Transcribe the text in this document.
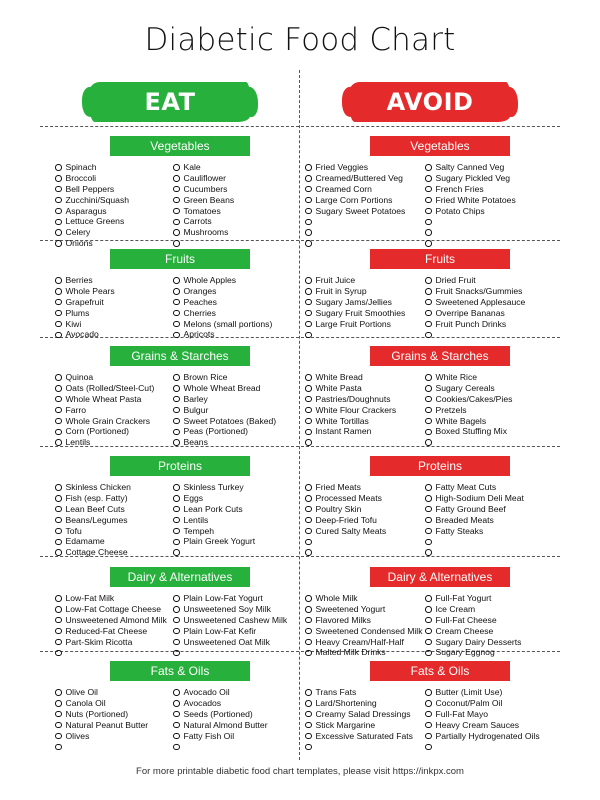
Diabetic Food Chart
EAT	AVOID
Vegetables
Spinach
Broccoli
Bell Peppers
Zucchini/Squash
Asparagus
Lettuce Greens
Celery
Onions
Kale
Cauliflower
Cucumbers
Green Beans
Tomatoes
Carrots
Mushrooms
Vegetables
Fried Veggies
Creamed/Buttered Veg
Creamed Corn
Large Corn Portions
Sugary Sweet Potatoes
Salty Canned Veg
Sugary Pickled Veg
French Fries
Fried White Potatoes
Potato Chips
Fruits
Berries
Whole Pears
Grapefruit
Plums
Kiwi
Avocado
Whole Apples
Oranges
Peaches
Cherries
Melons (small portions)
Apricots
Fruits
Fruit Juice
Fruit in Syrup
Sugary Jams/Jellies
Sugary Fruit Smoothies
Large Fruit Portions
Dried Fruit
Fruit Snacks/Gummies
Sweetened Applesauce
Overripe Bananas
Fruit Punch Drinks
Grains & Starches
Quinoa
Oats (Rolled/Steel-Cut)
Whole Wheat Pasta
Farro
Whole Grain Crackers
Corn (Portioned)
Lentils
Brown Rice
Whole Wheat Bread
Barley
Bulgur
Sweet Potatoes (Baked)
Peas (Portioned)
Beans
Grains & Starches
White Bread
White Pasta
Pastries/Doughnuts
White Flour Crackers
White Tortillas
Instant Ramen
White Rice
Sugary Cereals
Cookies/Cakes/Pies
Pretzels
White Bagels
Boxed Stuffing Mix
Proteins
Skinless Chicken
Fish (esp. Fatty)
Lean Beef Cuts
Beans/Legumes
Tofu
Edamame
Cottage Cheese
Skinless Turkey
Eggs
Lean Pork Cuts
Lentils
Tempeh
Plain Greek Yogurt
Proteins
Fried Meats
Processed Meats
Poultry Skin
Deep-Fried Tofu
Cured Salty Meats
Fatty Meat Cuts
High-Sodium Deli Meat
Fatty Ground Beef
Breaded Meats
Fatty Steaks
Dairy & Alternatives
Low-Fat Milk
Low-Fat Cottage Cheese
Unsweetened Almond Milk
Reduced-Fat Cheese
Part-Skim Ricotta
Plain Low-Fat Yogurt
Unsweetened Soy Milk
Unsweetened Cashew Milk
Plain Low-Fat Kefir
Unsweetened Oat Milk
Dairy & Alternatives
Whole Milk
Sweetened Yogurt
Flavored Milks
Sweetened Condensed Milk
Heavy Cream/Half-Half
Malted Milk Drinks
Full-Fat Yogurt
Ice Cream
Full-Fat Cheese
Cream Cheese
Sugary Dairy Desserts
Sugary Eggnog
Fats & Oils
Olive Oil
Canola Oil
Nuts (Portioned)
Natural Peanut Butter
Olives
Avocado Oil
Avocados
Seeds (Portioned)
Natural Almond Butter
Fatty Fish Oil
Fats & Oils
Trans Fats
Lard/Shortening
Creamy Salad Dressings
Stick Margarine
Excessive Saturated Fats
Butter (Limit Use)
Coconut/Palm Oil
Full-Fat Mayo
Heavy Cream Sauces
Partially Hydrogenated Oils
For more printable diabetic food chart templates, please visit https://inkpx.com
